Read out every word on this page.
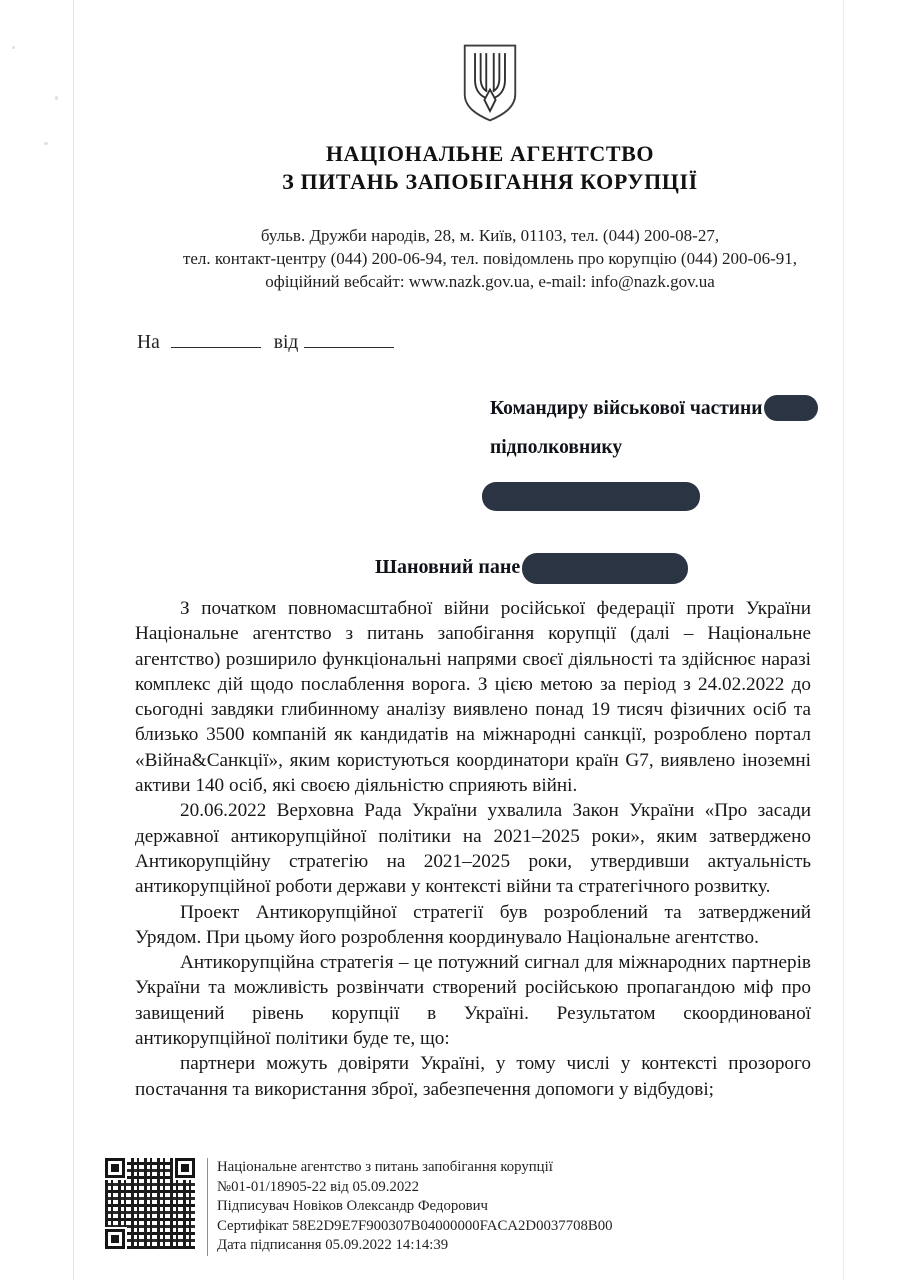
НАЦІОНАЛЬНЕ АГЕНТСТВО
З ПИТАНЬ ЗАПОБІГАННЯ КОРУПЦІЇ
бульв. Дружби народів, 28, м. Київ, 01103, тел. (044) 200-08-27,
тел. контакт-центру (044) 200-06-94, тел. повідомлень про корупцію (044) 200-06-91,
офіційний вебсайт: www.nazk.gov.ua, e-mail: info@nazk.gov.ua
На	від
Командиру військової частини
підполковнику
Шановний пане

З початком повномасштабної війни російської федерації проти України Національне агентство з питань запобігання корупції (далі – Національне агентство) розширило функціональні напрями своєї діяльності та здійснює наразі комплекс дій щодо послаблення ворога. З цією метою за період з 24.02.2022 до сьогодні завдяки глибинному аналізу виявлено понад 19 тисяч фізичних осіб та близько 3500 компаній як кандидатів на міжнародні санкції, розроблено портал «Війна&Санкції», яким користуються координатори країн G7, виявлено іноземні активи 140 осіб, які своєю діяльністю сприяють війні.

20.06.2022 Верховна Рада України ухвалила Закон України «Про засади державної антикорупційної політики на 2021–2025 роки», яким затверджено Антикорупційну стратегію на 2021–2025 роки, утвердивши актуальність антикорупційної роботи держави у контексті війни та стратегічного розвитку.

Проект Антикорупційної стратегії був розроблений та затверджений Урядом. При цьому його розроблення координувало Національне агентство.

Антикорупційна стратегія – це потужний сигнал для міжнародних партнерів України та можливість розвінчати створений російською пропагандою міф про завищений рівень корупції в Україні. Результатом скоординованої антикорупційної політики буде те, що:

партнери можуть довіряти Україні, у тому числі у контексті прозорого постачання та використання зброї, забезпечення допомоги у відбудові;

Національне агентство з питань запобігання корупції
№01-01/18905-22 від 05.09.2022
Підписувач Новіков Олександр Федорович
Сертифікат 58E2D9E7F900307B04000000FACA2D0037708B00
Дата підписання 05.09.2022 14:14:39
